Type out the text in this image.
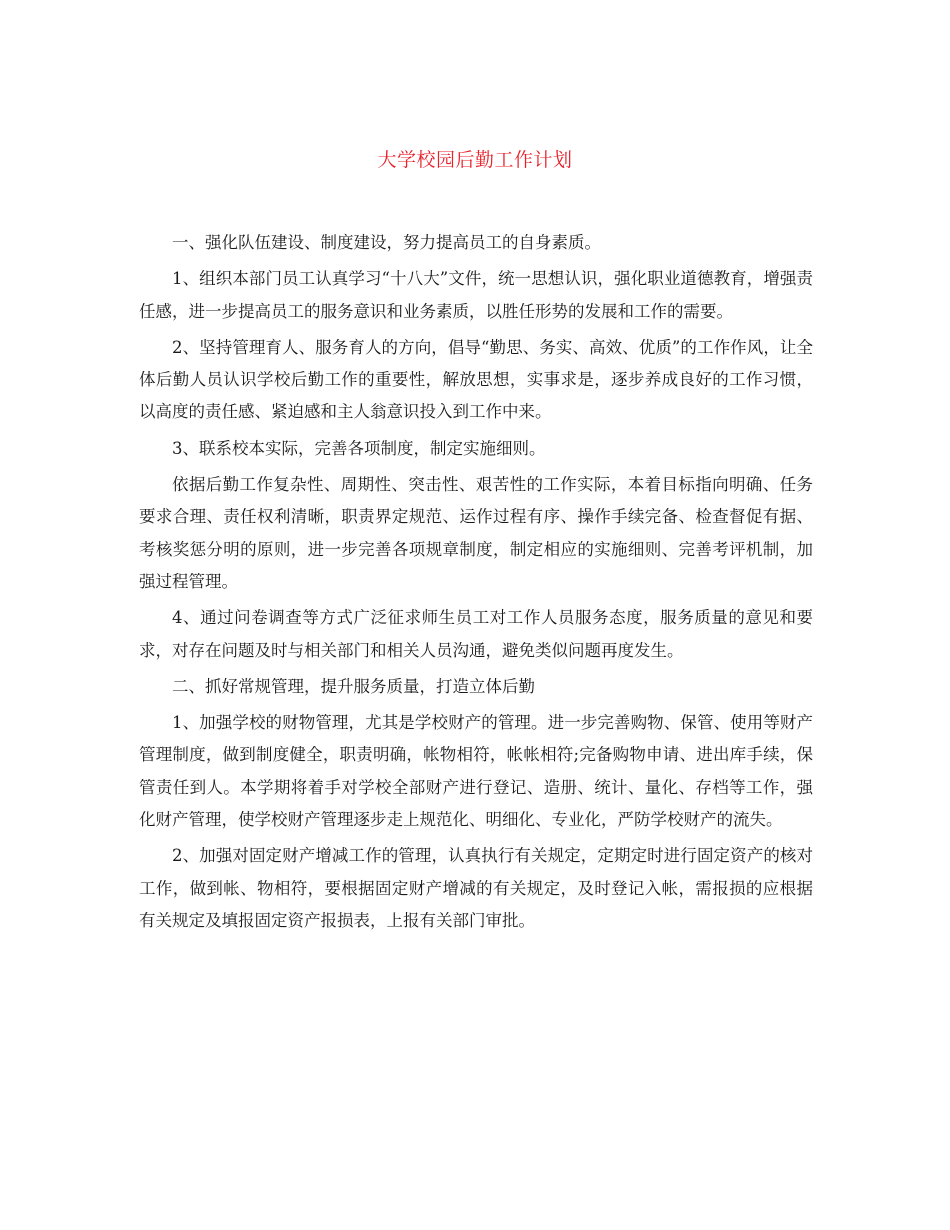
大学校园后勤工作计划

一、强化队伍建设、制度建设，努力提高员工的自身素质。

1、组织本部门员工认真学习“十八大”文件，统一思想认识，强化职业道德教育，增强责任感，进一步提高员工的服务意识和业务素质，以胜任形势的发展和工作的需要。

2、坚持管理育人、服务育人的方向，倡导“勤思、务实、高效、优质”的工作作风，让全体后勤人员认识学校后勤工作的重要性，解放思想，实事求是，逐步养成良好的工作习惯，以高度的责任感、紧迫感和主人翁意识投入到工作中来。

3、联系校本实际，完善各项制度，制定实施细则。

依据后勤工作复杂性、周期性、突击性、艰苦性的工作实际，本着目标指向明确、任务要求合理、责任权利清晰，职责界定规范、运作过程有序、操作手续完备、检查督促有据、考核奖惩分明的原则，进一步完善各项规章制度，制定相应的实施细则、完善考评机制，加强过程管理。

4、通过问卷调查等方式广泛征求师生员工对工作人员服务态度，服务质量的意见和要求，对存在问题及时与相关部门和相关人员沟通，避免类似问题再度发生。

二、抓好常规管理，提升服务质量，打造立体后勤

1、加强学校的财物管理，尤其是学校财产的管理。进一步完善购物、保管、使用等财产管理制度，做到制度健全，职责明确，帐物相符，帐帐相符;完备购物申请、进出库手续，保管责任到人。本学期将着手对学校全部财产进行登记、造册、统计、量化、存档等工作，强化财产管理，使学校财产管理逐步走上规范化、明细化、专业化，严防学校财产的流失。

2、加强对固定财产增减工作的管理，认真执行有关规定，定期定时进行固定资产的核对工作，做到帐、物相符，要根据固定财产增减的有关规定，及时登记入帐，需报损的应根据有关规定及填报固定资产报损表，上报有关部门审批。
